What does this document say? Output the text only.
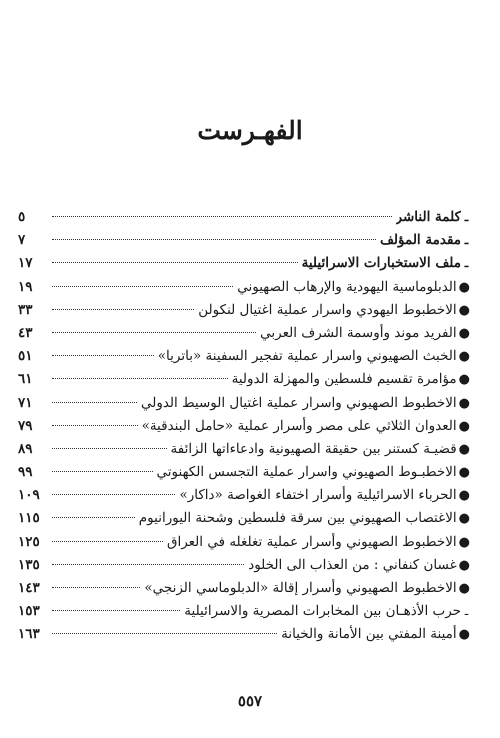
الفهـرست
ـ
كلمة الناشر
٥
ـ
مقدمة المؤلف
٧
ـ
ملف الاستخبارات الاسرائيلية
١٧
●
الدبلوماسية اليهودية والإرهاب الصهيوني
١٩
●
الاخطبوط اليهودي واسرار عملية اغتيال لنكولن
٣٣
●
الفريد موند وأوسمة الشرف العربي
٤٣
●
الخبث الصهيوني واسرار عملية تفجير السفينة «باتريا»
٥١
●
مؤامرة تقسيم فلسطين والمهزلة الدولية
٦١
●
الاخطبوط الصهيوني واسرار عملية اغتيال الوسيط الدولي
٧١
●
العدوان الثلاثي على مصر وأسرار عملية «حامل البندقية»
٧٩
●
قضيـة كستنر بين حقيقة الصهيونية وادعاءاتها الزائفة
٨٩
●
الاخطبـوط الصهيوني واسرار عملية التجسس الكهنوتي
٩٩
●
الحرباء الاسرائيلية وأسرار اختفاء الغواصة «داكار»
١٠٩
●
الاغتصاب الصهيوني بين سرقة فلسطين وشحنة اليورانيوم
١١٥
●
الاخطبوط الصهيوني وأسرار عملية تغلغله في العراق
١٢٥
●
غسان كنفاني : من العذاب الى الخلود
١٣٥
●
الاخطبوط الصهيوني وأسرار إقالة «الدبلوماسي الزنجي»
١٤٣
ـ
حرب الأذهـان بين المخابرات المصرية والاسرائيلية
١٥٣
●
أمينة المفتي بين الأمانة والخيانة
١٦٣
٥٥٧
